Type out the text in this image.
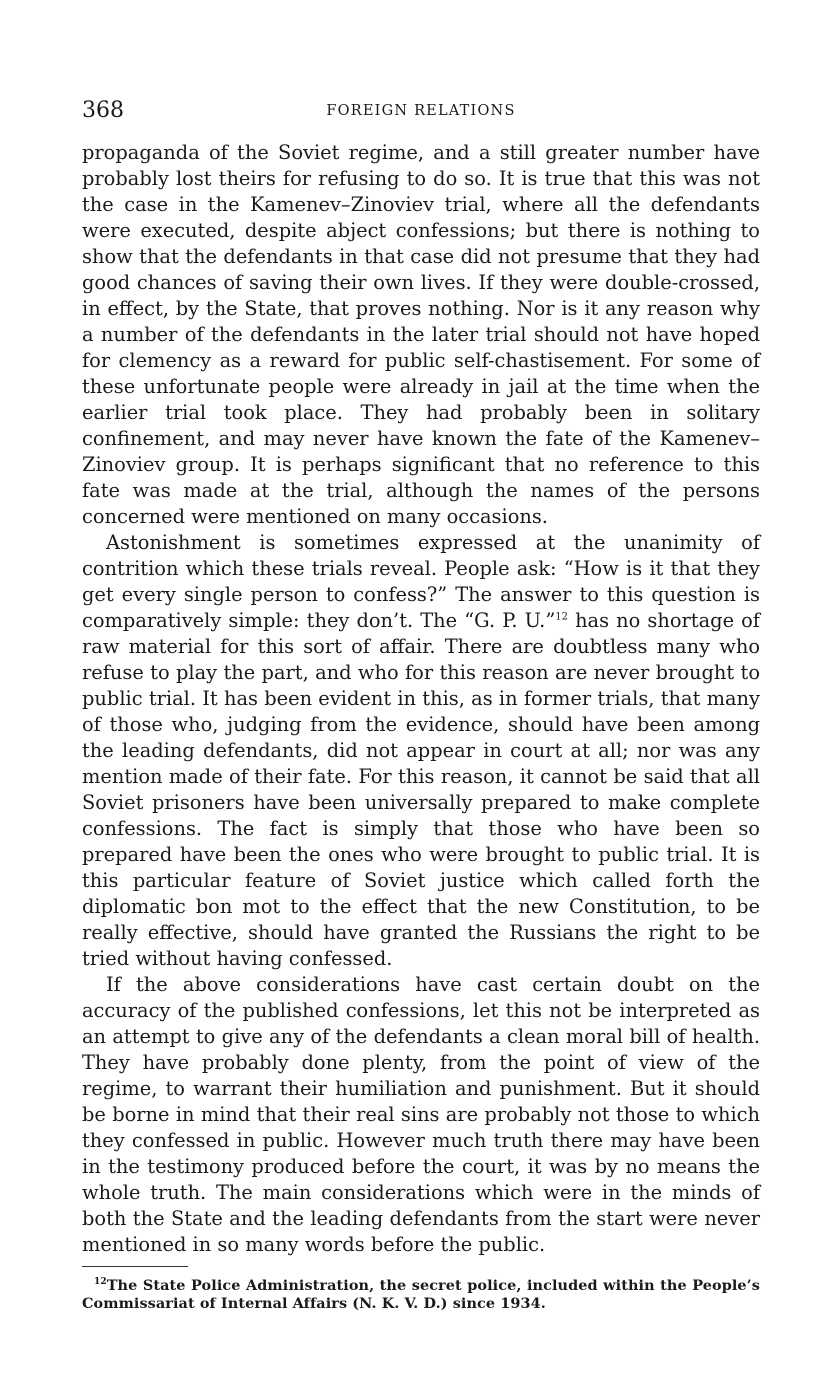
368	FOREIGN RELATIONS

propaganda of the Soviet regime, and a still greater number have probably lost theirs for refusing to do so. It is true that this was not the case in the Kamenev–Zinoviev trial, where all the defendants were executed, despite abject confessions; but there is nothing to show that the defendants in that case did not presume that they had good chances of saving their own lives. If they were double-crossed, in effect, by the State, that proves nothing. Nor is it any reason why a number of the defendants in the later trial should not have hoped for clemency as a reward for public self-chastisement. For some of these unfortunate people were already in jail at the time when the earlier trial took place. They had probably been in solitary confinement, and may never have known the fate of the Kamenev–Zinoviev group. It is perhaps significant that no reference to this fate was made at the trial, although the names of the persons concerned were mentioned on many occasions.

Astonishment is sometimes expressed at the unanimity of contrition which these trials reveal. People ask: “How is it that they get every single person to confess?” The answer to this question is comparatively simple: they don’t. The “G. P. U.”$^{12}$ has no shortage of raw material for this sort of affair. There are doubtless many who refuse to play the part, and who for this reason are never brought to public trial. It has been evident in this, as in former trials, that many of those who, judging from the evidence, should have been among the leading defendants, did not appear in court at all; nor was any mention made of their fate. For this reason, it cannot be said that all Soviet prisoners have been universally prepared to make complete confessions. The fact is simply that those who have been so prepared have been the ones who were brought to public trial. It is this particular feature of Soviet justice which called forth the diplomatic bon mot to the effect that the new Constitution, to be really effective, should have granted the Russians the right to be tried without having confessed.

If the above considerations have cast certain doubt on the accuracy of the published confessions, let this not be interpreted as an attempt to give any of the defendants a clean moral bill of health. They have probably done plenty, from the point of view of the regime, to warrant their humiliation and punishment. But it should be borne in mind that their real sins are probably not those to which they confessed in public. However much truth there may have been in the testimony produced before the court, it was by no means the whole truth. The main considerations which were in the minds of both the State and the leading defendants from the start were never mentioned in so many words before the public.

$^{12}$The State Police Administration, the secret police, included within the People’s Commissariat of Internal Affairs (N. K. V. D.) since 1934.
